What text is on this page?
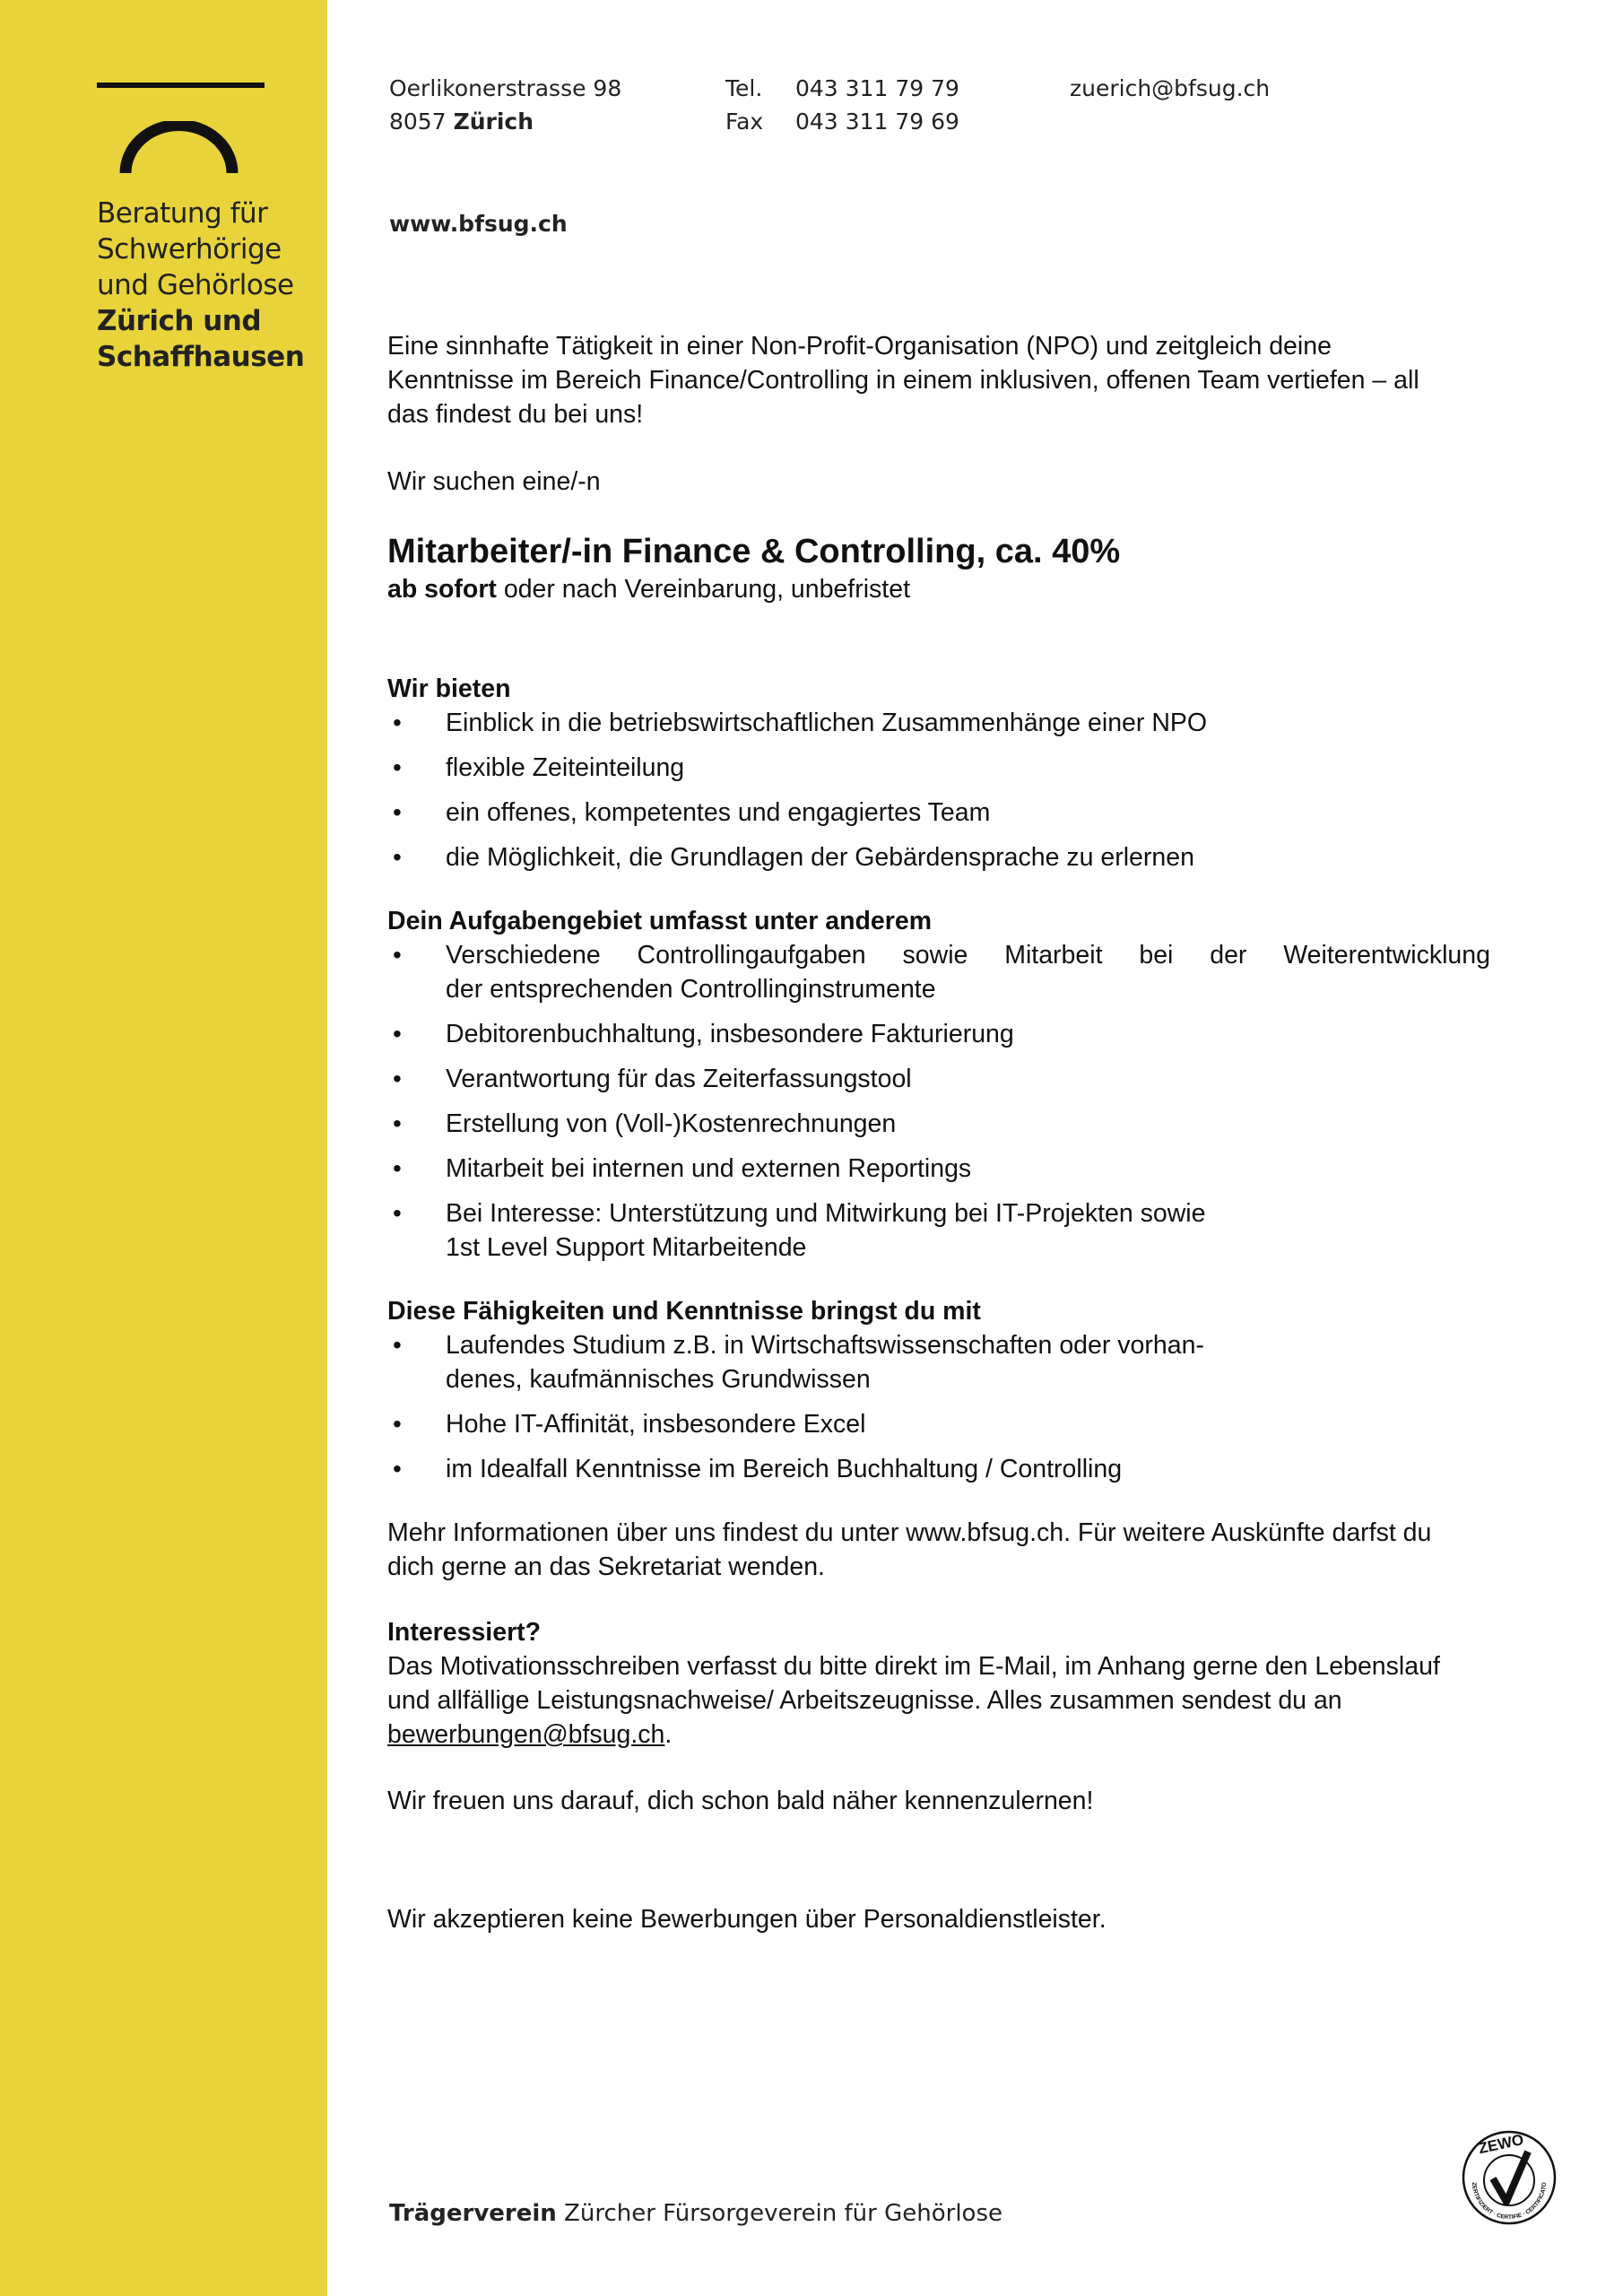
Beratung für
Schwerhörige
und Gehörlose
Zürich und
Schaffhausen
Oerlikonerstrasse 98
8057 Zürich
Tel. 043 311 79 79
Fax 043 311 79 69
zuerich@bfsug.ch
www.bfsug.ch

Eine sinnhafte Tätigkeit in einer Non-Profit-Organisation (NPO) und zeitgleich deine Kenntnisse im Bereich Finance/Controlling in einem inklusiven, offenen Team vertiefen – all das findest du bei uns!

Wir suchen eine/-n

Mitarbeiter/-in Finance & Controlling, ca. 40%

ab sofort oder nach Vereinbarung, unbefristet

Wir bieten

• Einblick in die betriebswirtschaftlichen Zusammenhänge einer NPO
• flexible Zeiteinteilung
• ein offenes, kompetentes und engagiertes Team
• die Möglichkeit, die Grundlagen der Gebärdensprache zu erlernen

Dein Aufgabengebiet umfasst unter anderem

• Verschiedene Controllingaufgaben sowie Mitarbeit bei der Weiterentwicklung
der entsprechenden Controllinginstrumente
• Debitorenbuchhaltung, insbesondere Fakturierung
• Verantwortung für das Zeiterfassungstool
• Erstellung von (Voll-)Kostenrechnungen
• Mitarbeit bei internen und externen Reportings
• Bei Interesse: Unterstützung und Mitwirkung bei IT-Projekten sowie
1st Level Support Mitarbeitende

Diese Fähigkeiten und Kenntnisse bringst du mit

• Laufendes Studium z.B. in Wirtschaftswissenschaften oder vorhan-
denes, kaufmännisches Grundwissen
• Hohe IT-Affinität, insbesondere Excel
• im Idealfall Kenntnisse im Bereich Buchhaltung / Controlling

Mehr Informationen über uns findest du unter www.bfsug.ch. Für weitere Auskünfte darfst du dich gerne an das Sekretariat wenden.

Interessiert?

Das Motivationsschreiben verfasst du bitte direkt im E-Mail, im Anhang gerne den Lebenslauf und allfällige Leistungsnachweise/ Arbeitszeugnisse. Alles zusammen sendest du an bewerbungen@bfsug.ch.

Wir freuen uns darauf, dich schon bald näher kennenzulernen!

Wir akzeptieren keine Bewerbungen über Personaldienstleister.

Trägerverein Zürcher Fürsorgeverein für Gehörlose
ZEWO
ZERTIFIZIERT · CERTIFIE · CERTIFICATO
